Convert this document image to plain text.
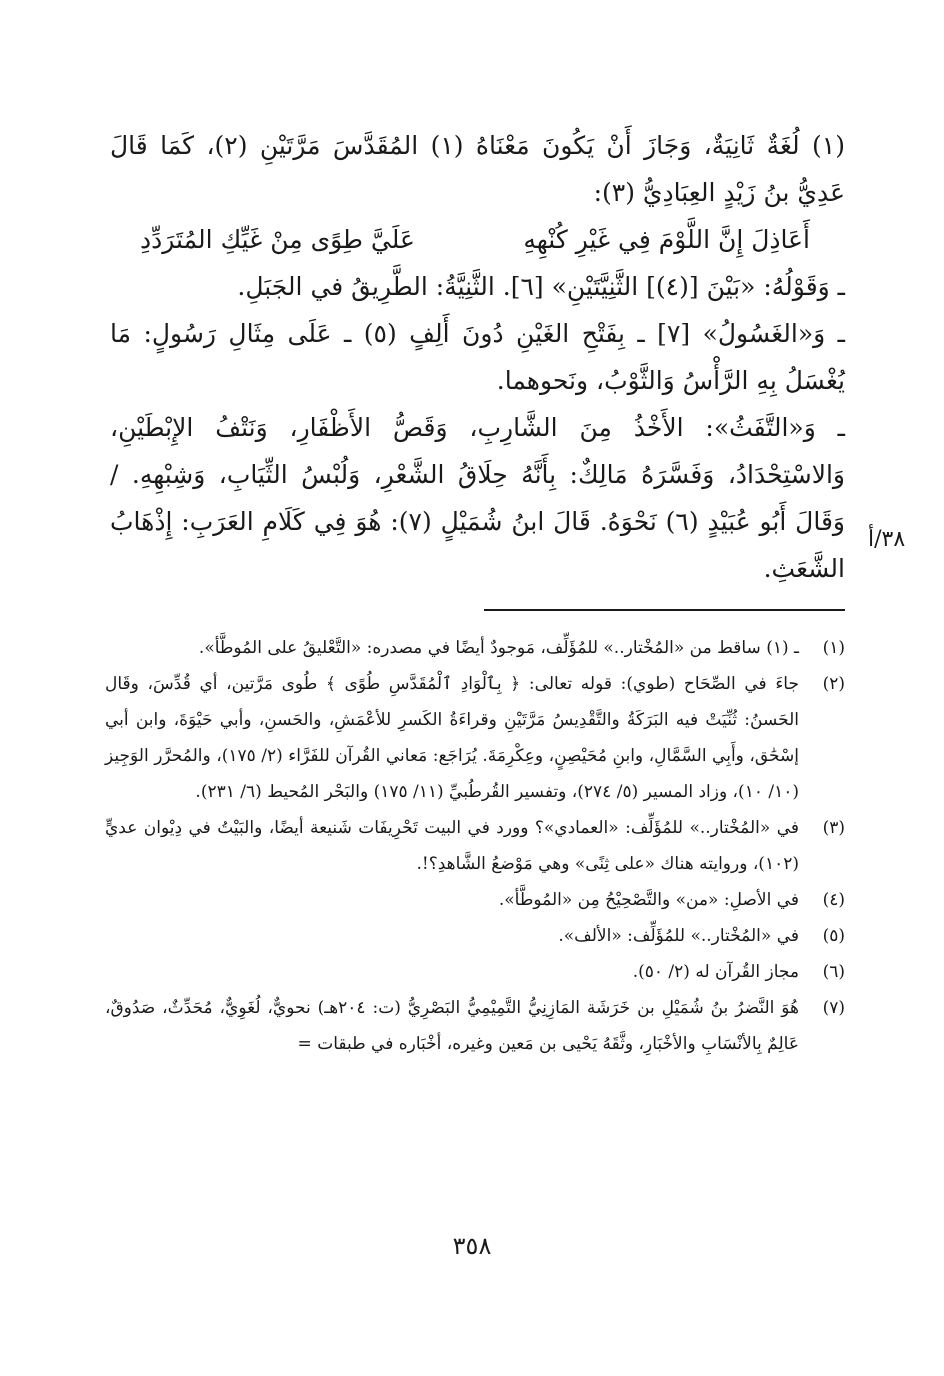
(١) لُغَةٌ ثَانِيَةٌ، وَجَازَ أَنْ يَكُونَ مَعْنَاهُ (١) المُقَدَّسَ مَرَّتَيْنِ (٢)، كَمَا قَالَ عَدِيُّ بنُ زَيْدٍ العِبَادِيُّ (٣):

أَعَاذِلَ إِنَّ اللَّوْمَ فِي غَيْرِ كُنْهِهِ
عَلَيَّ طِوًى مِنْ غَيِّكِ المُتَرَدِّدِ

ـ وَقَوْلُهُ: «بَيْنَ [(٤)] الثَّنِيَّتَيْنِ» [٦]. الثَّنِيَّةُ: الطَّرِيقُ في الجَبَلِ.

ـ وَ«الغَسُولُ» [٧] ـ بِفَتْحِ الغَيْنِ دُونَ أَلِفٍ (٥) ـ عَلَى مِثَالِ رَسُولٍ: مَا يُغْسَلُ بِهِ الرَّأْسُ وَالثَّوْبُ، ونَحوهما.

ـ وَ«التَّفَثُ»: الأَخْذُ مِنَ الشَّارِبِ، وَقَصُّ الأَظْفَارِ، وَنَتْفُ الإِبْطَيْنِ، وَالاسْتِحْدَادُ، وَفَسَّرَهُ مَالِكٌ: بِأَنَّهُ حِلَاقُ الشَّعْرِ، وَلُبْسُ الثِّيَابِ، وَشِبْهِهِ. / وَقَالَ أَبُو عُبَيْدٍ (٦) نَحْوَهُ. قَالَ ابنُ شُمَيْلٍ (٧): هُوَ فِي كَلَامِ العَرَبِ: إِذْهَابُ الشَّعَثِ.

٣٨/أ
(١)
ـ (١) ساقط من «المُخْتار..» للمُؤَلِّف، مَوجودٌ أيضًا في مصدره: «التَّعْليقُ على المُوطَّأ».
(٢)
جاءَ في الصِّحَاح (طوي): قوله تعالى: ﴿ بِٱلْوَادِ ٱلْمُقَدَّسِ طُوًى ﴾ طُوى مَرَّتين، أي قُدِّسَ، وقَال الحَسنُ: ثُنِّيَتْ فيه البَرَكَةُ والتَّقْدِيسُ مَرَّتَيْنِ وقراءَةُ الكَسرِ للأعْمَشِ، والحَسنِ، وأبي حَيْوَةَ، وابن أبي إسْحَٰق، وأَبِي السَّمَّالِ، وابنِ مُحَيْصِنٍ، وعِكْرِمَةَ. يُرَاجَع: مَعاني القُرآن للفَرَّاء (٢/ ١٧٥)، والمُحرَّر الوَجِيز (١٠/ ١٠)، وزاد المسير (٥/ ٢٧٤)، وتفسير القُرطُبيِّ (١١/ ١٧٥) والبَحْر المُحيط (٦/ ٢٣١).
(٣)
في «المُخْتار..» للمُؤَلِّف: «العمادي»؟ وورد في البيت تَحْرِيفَات شَنيعة أيضًا، والبَيْتُ في دِيْوان عديٍّ (١٠٢)، وروايته هناك «على ثِنًى» وهي مَوْضعُ الشَّاهدِ؟!.
(٤)
في الأصلِ: «من» والتَّصْحِيْحُ مِن «المُوطَّأ».
(٥)
في «المُخْتار..» للمُؤَلِّف: «الألف».
(٦)
مجاز القُرآن له (٢/ ٥٠).
(٧)
هُوَ النَّضرُ بنُ شُمَيْلِ بن خَرَشَة المَازِنِيُّ التَّمِيْمِيُّ البَصْرِيُّ (ت: ٢٠٤هـ) نحويٌّ، لُغَوِيٌّ، مُحَدِّثٌ، صَدُوقٌ، عَالِمٌ بِالأنْسَابِ والأخْبَارِ، وثَّقَهُ يَحْيى بن مَعين وغيره، أخْبَاره في طبقات =
٣٥٨
